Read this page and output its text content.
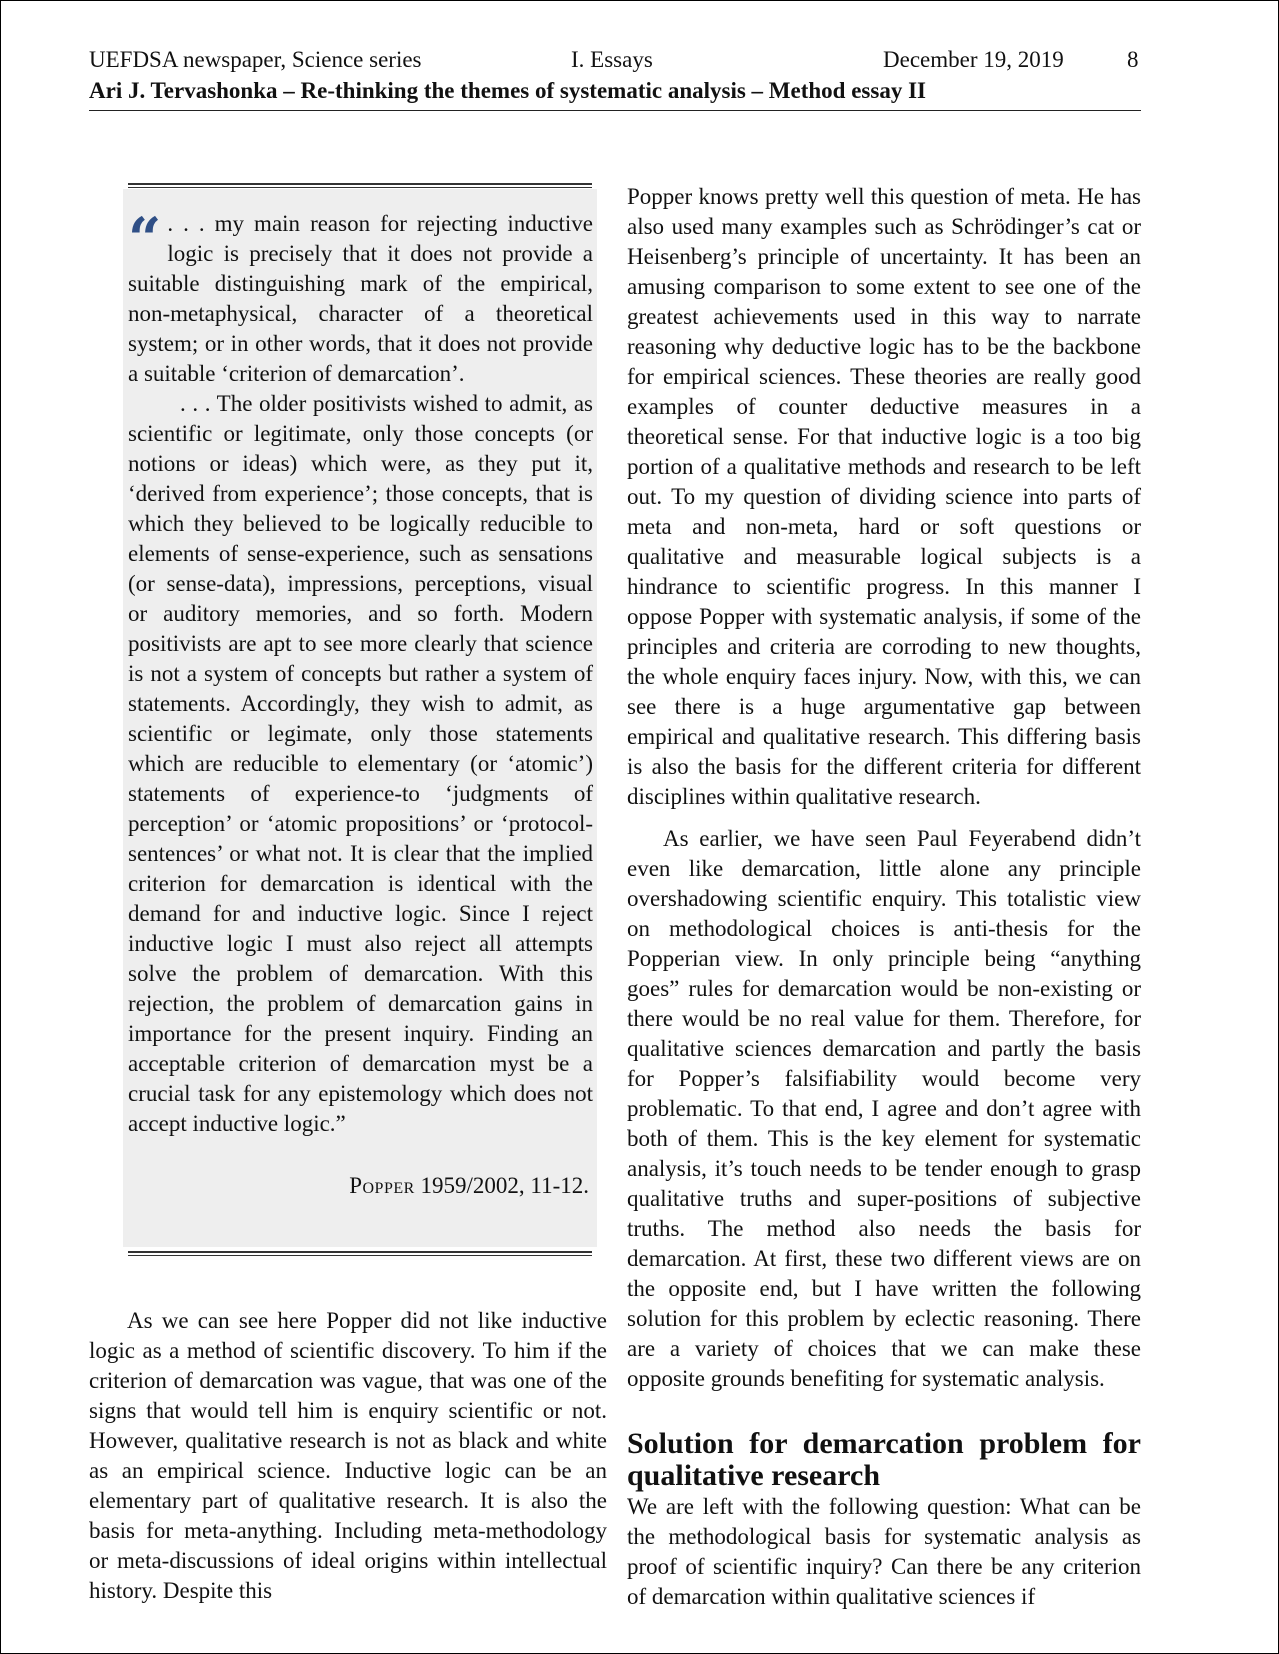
UEFDSA newspaper, Science series	I. Essays	December 19, 2019	8
Ari J. Tervashonka – Re-thinking the themes of systematic analysis – Method essay II

“ . . . my main reason for rejecting inductive logic is precisely that it does not provide a suitable distinguishing mark of the empirical, non-metaphysical, character of a theoretical system; or in other words, that it does not provide a suitable ‘criterion of demarcation’.

. . . The older positivists wished to admit, as scientific or legitimate, only those concepts (or notions or ideas) which were, as they put it, ‘derived from experience’; those concepts, that is which they believed to be logically reducible to elements of sense-experience, such as sensations (or sense-data), impressions, perceptions, visual or auditory memories, and so forth. Modern positivists are apt to see more clearly that science is not a system of concepts but rather a system of statements. Accordingly, they wish to admit, as scientific or legimate, only those statements which are reducible to elementary (or ‘atomic’) statements of experience-to ‘judgments of perception’ or ‘atomic propositions’ or ‘protocol-sentences’ or what not. It is clear that the implied criterion for demarcation is identical with the demand for and inductive logic. Since I reject inductive logic I must also reject all attempts solve the problem of demarcation. With this rejection, the problem of demarcation gains in importance for the present inquiry. Finding an acceptable criterion of demarcation myst be a crucial task for any epistemology which does not accept inductive logic.”

Popper 1959/2002, 11-12.

As we can see here Popper did not like inductive logic as a method of scientific discovery. To him if the criterion of demarcation was vague, that was one of the signs that would tell him is enquiry scientific or not. However, qualitative research is not as black and white as an empirical science. Inductive logic can be an elementary part of qualitative research. It is also the basis for meta-anything. Including meta-methodology or meta-discussions of ideal origins within intellectual history. Despite this

Popper knows pretty well this question of meta. He has also used many examples such as Schrödinger’s cat or Heisenberg’s principle of uncertainty. It has been an amusing comparison to some extent to see one of the greatest achievements used in this way to narrate reasoning why deductive logic has to be the backbone for empirical sciences. These theories are really good examples of counter deductive measures in a theoretical sense. For that inductive logic is a too big portion of a qualitative methods and research to be left out. To my question of dividing science into parts of meta and non-meta, hard or soft questions or qualitative and measurable logical subjects is a hindrance to scientific progress. In this manner I oppose Popper with systematic analysis, if some of the principles and criteria are corroding to new thoughts, the whole enquiry faces injury. Now, with this, we can see there is a huge argumentative gap between empirical and qualitative research. This differing basis is also the basis for the different criteria for different disciplines within qualitative research.

As earlier, we have seen Paul Feyerabend didn’t even like demarcation, little alone any principle overshadowing scientific enquiry. This totalistic view on methodological choices is anti-thesis for the Popperian view. In only principle being “anything goes” rules for demarcation would be non-existing or there would be no real value for them. Therefore, for qualitative sciences demarcation and partly the basis for Popper’s falsifiability would become very problematic. To that end, I agree and don’t agree with both of them. This is the key element for systematic analysis, it’s touch needs to be tender enough to grasp qualitative truths and super-positions of subjective truths. The method also needs the basis for demarcation. At first, these two different views are on the opposite end, but I have written the following solution for this problem by eclectic reasoning. There are a variety of choices that we can make these opposite grounds benefiting for systematic analysis.

Solution for demarcation problem for qualitative research

We are left with the following question: What can be the methodological basis for systematic analysis as proof of scientific inquiry? Can there be any criterion of demarcation within qualitative sciences if
